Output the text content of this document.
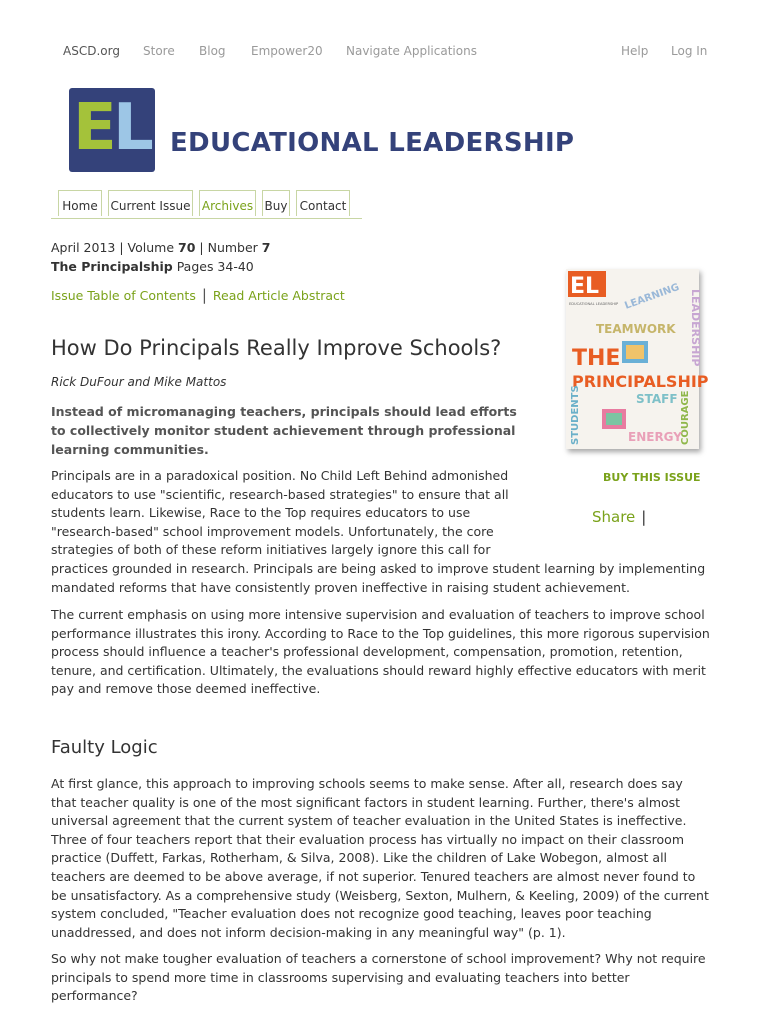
ASCD.org Store Blog Empower20 Navigate Applications	Help Log In
E L EDUCATIONAL LEADERSHIP
Home	Current Issue Archives Buy	Contact
April 2013 | Volume 70 | Number 7
The Principalship Pages 34-40
Issue Table of Contents | Read Article Abstract
How Do Principals Really Improve Schools?
Rick DuFour and Mike Mattos
Instead of micromanaging teachers, principals should lead efforts to collectively monitor student achievement through professional learning communities.
Principals are in a paradoxical position. No Child Left Behind admonished educators to use "scientific, research-based strategies" to ensure that all students learn. Likewise, Race to the Top requires educators to use "research-based" school improvement models. Unfortunately, the core strategies of both of these reform initiatives largely ignore this call for practices grounded in research. Principals are being asked to improve student learning by implementing mandated reforms that have consistently proven ineffective in raising student achievement.
The current emphasis on using more intensive supervision and evaluation of teachers to improve school performance illustrates this irony. According to Race to the Top guidelines, this more rigorous supervision process should influence a teacher's professional development, compensation, promotion, retention, tenure, and certification. Ultimately, the evaluations should reward highly effective educators with merit pay and remove those deemed ineffective.
Faulty Logic
At first glance, this approach to improving schools seems to make sense. After all, research does say that teacher quality is one of the most significant factors in student learning. Further, there's almost universal agreement that the current system of teacher evaluation in the United States is ineffective. Three of four teachers report that their evaluation process has virtually no impact on their classroom practice (Duffett, Farkas, Rotherham, & Silva, 2008). Like the children of Lake Wobegon, almost all teachers are deemed to be above average, if not superior. Tenured teachers are almost never found to be unsatisfactory. As a comprehensive study (Weisberg, Sexton, Mulhern, & Keeling, 2009) of the current system concluded, "Teacher evaluation does not recognize good teaching, leaves poor teaching unaddressed, and does not inform decision-making in any meaningful way" (p. 1).
So why not make tougher evaluation of teachers a cornerstone of school improvement? Why not require principals to spend more time in classrooms supervising and evaluating teachers into better performance?
EL
EDUCATIONAL LEADERSHIP LEARNING
TEAMWORK LEADERSHIP
THE
PRINCIPALSHIP
STAFF
STUDENTS	COURAGE
ENERGY
BUY THIS ISSUE
Share |
